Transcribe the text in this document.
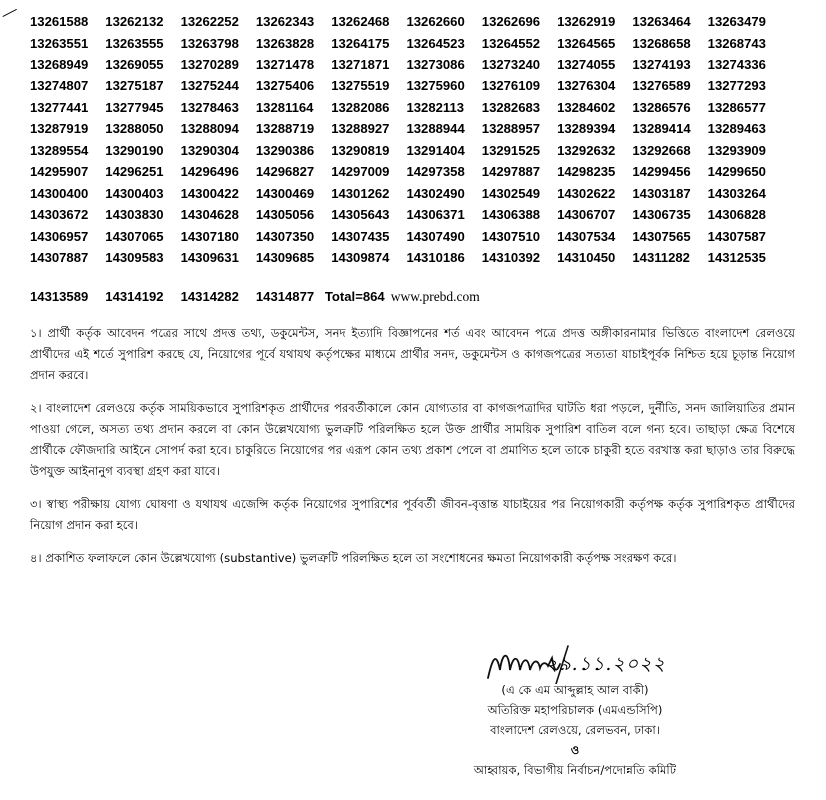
╱
13261588	13262132	13262252	13262343	13262468	13262660	13262696	13262919	13263464	13263479
13263551	13263555	13263798	13263828	13264175	13264523	13264552	13264565	13268658	13268743
13268949	13269055	13270289	13271478	13271871	13273086	13273240	13274055	13274193	13274336
13274807	13275187	13275244	13275406	13275519	13275960	13276109	13276304	13276589	13277293
13277441	13277945	13278463	13281164	13282086	13282113	13282683	13284602	13286576	13286577
13287919	13288050	13288094	13288719	13288927	13288944	13288957	13289394	13289414	13289463
13289554	13290190	13290304	13290386	13290819	13291404	13291525	13292632	13292668	13293909
14295907	14296251	14296496	14296827	14297009	14297358	14297887	14298235	14299456	14299650
14300400	14300403	14300422	14300469	14301262	14302490	14302549	14302622	14303187	14303264
14303672	14303830	14304628	14305056	14305643	14306371	14306388	14306707	14306735	14306828
14306957	14307065	14307180	14307350	14307435	14307490	14307510	14307534	14307565	14307587
14307887	14309583	14309631	14309685	14309874	14310186	14310392	14310450	14311282	14312535
14313589 14314192 14314282 14314877 Total=864 www.prebd.com

১। প্রার্থী কর্তৃক আবেদন পত্রের সাথে প্রদত্ত তথ্য, ডকুমেন্টস, সনদ ইত্যাদি বিজ্ঞাপনের শর্ত এবং আবেদন পত্রে প্রদত্ত অঙ্গীকারনামার ভিত্তিতে বাংলাদেশ রেলওয়ে প্রার্থীদের এই শর্তে সুপারিশ করছে যে, নিয়োগের পূর্বে যথাযথ কর্তৃপক্ষের মাধ্যমে প্রার্থীর সনদ, ডকুমেন্টস ও কাগজপত্রের সত্যতা যাচাইপূর্বক নিশ্চিত হয়ে চূড়ান্ত নিয়োগ প্রদান করবে।

২। বাংলাদেশ রেলওয়ে কর্তৃক সাময়িকভাবে সুপারিশকৃত প্রার্থীদের পরবর্তীকালে কোন যোগ্যতার বা কাগজপত্রাদির ঘাটতি ধরা পড়লে, দুর্নীতি, সনদ জালিয়াতির প্রমান পাওয়া গেলে, অসত্য তথ্য প্রদান করলে বা কোন উল্লেখযোগ্য ভুলত্রুটি পরিলক্ষিত হলে উক্ত প্রার্থীর সাময়িক সুপারিশ বাতিল বলে গন্য হবে। তাছাড়া ক্ষেত্র বিশেষে প্রার্থীকে ফৌজদারি আইনে সোপর্দ করা হবে। চাকুরিতে নিয়োগের পর এরূপ কোন তথ্য প্রকাশ পেলে বা প্রমাণিত হলে তাকে চাকুরী হতে বরখাস্ত করা ছাড়াও তার বিরুদ্ধে উপযুক্ত আইনানুগ ব্যবস্থা গ্রহণ করা যাবে।

৩। স্বাস্থ্য পরীক্ষায় যোগ্য ঘোষণা ও যথাযথ এজেন্সি কর্তৃক নিয়োগের সুপারিশের পূর্ববর্তী জীবন-বৃত্তান্ত যাচাইয়ের পর নিয়োগকারী কর্তৃপক্ষ কর্তৃক সুপারিশকৃত প্রার্থীদের নিয়োগ প্রদান করা হবে।

৪। প্রকাশিত ফলাফলে কোন উল্লেখযোগ্য (substantive) ভুলত্রুটি পরিলক্ষিত হলে তা সংশোধনের ক্ষমতা নিয়োগকারী কর্তৃপক্ষ সংরক্ষণ করে।

২৯.১১.২০২২
(এ কে এম আব্দুল্লাহ আল বাকী)
অতিরিক্ত মহাপরিচালক (এমএন্ডসিপি)
বাংলাদেশ রেলওয়ে, রেলভবন, ঢাকা।
ও
আহ্বায়ক, বিভাগীয় নির্বাচন/পদোন্নতি কমিটি
